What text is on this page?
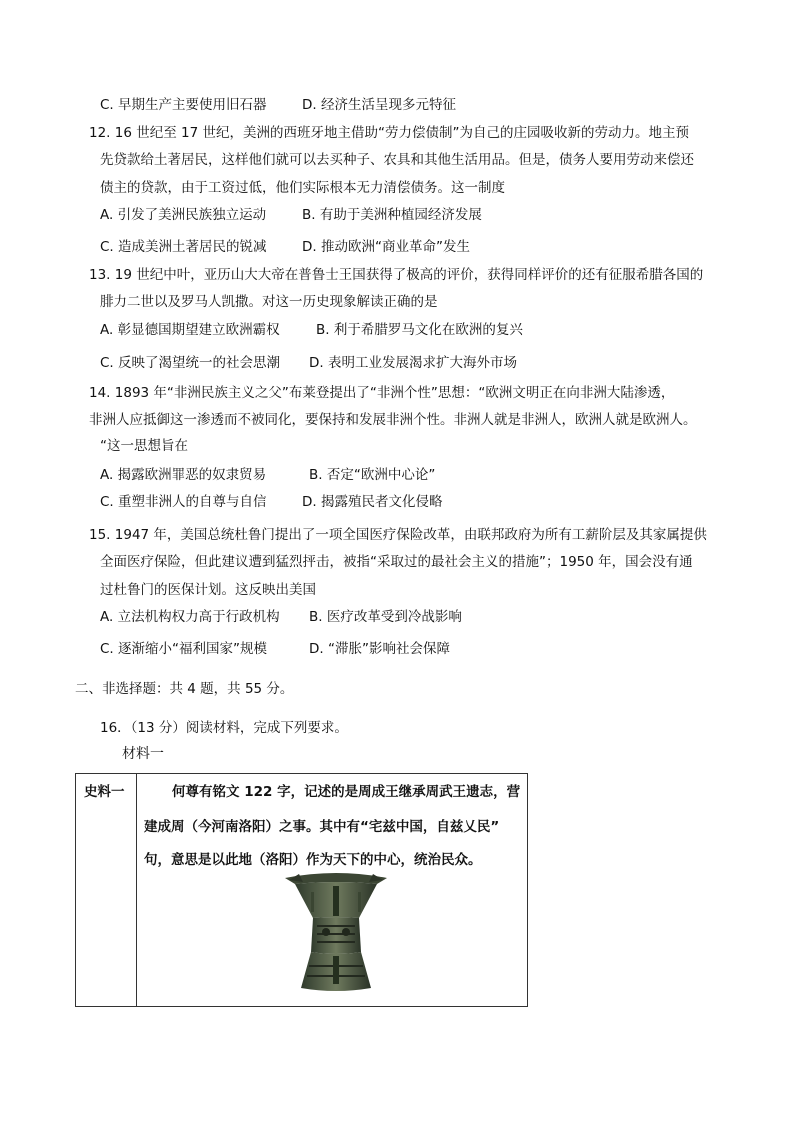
C. 早期生产主要使用旧石器	D. 经济生活呈现多元特征
12. 16 世纪至 17 世纪，美洲的西班牙地主借助“劳力偿债制”为自己的庄园吸收新的劳动力。地主预
先贷款给土著居民，这样他们就可以去买种子、农具和其他生活用品。但是，债务人要用劳动来偿还
债主的贷款，由于工资过低，他们实际根本无力清偿债务。这一制度
A. 引发了美洲民族独立运动	B. 有助于美洲种植园经济发展
C. 造成美洲土著居民的锐减	D. 推动欧洲“商业革命”发生
13. 19 世纪中叶，亚历山大大帝在普鲁士王国获得了极高的评价，获得同样评价的还有征服希腊各国的
腓力二世以及罗马人凯撒。对这一历史现象解读正确的是
A. 彰显德国期望建立欧洲霸权	B. 利于希腊罗马文化在欧洲的复兴
C. 反映了渴望统一的社会思潮 D. 表明工业发展渴求扩大海外市场
14. 1893 年“非洲民族主义之父”布莱登提出了“非洲个性”思想：“欧洲文明正在向非洲大陆渗透，
非洲人应抵御这一渗透而不被同化，要保持和发展非洲个性。非洲人就是非洲人，欧洲人就是欧洲人。
“这一思想旨在
A. 揭露欧洲罪恶的奴隶贸易	B. 否定“欧洲中心论”
C. 重塑非洲人的自尊与自信	D. 揭露殖民者文化侵略
15. 1947 年，美国总统杜鲁门提出了一项全国医疗保险改革，由联邦政府为所有工薪阶层及其家属提供
全面医疗保险，但此建议遭到猛烈抨击，被指“采取过的最社会主义的措施”；1950 年，国会没有通
过杜鲁门的医保计划。这反映出美国
A. 立法机构权力高于行政机构 B. 医疗改革受到冷战影响
C. 逐渐缩小“福利国家”规模	D. “滞胀”影响社会保障
二、非选择题：共 4 题，共 55 分。
16．（13 分）阅读材料，完成下列要求。
材料一
史料一	何尊有铭文 122 字，记述的是周成王继承周武王遗志，营
建成周（今河南洛阳）之事。其中有“宅兹中国，自兹乂民”
句，意思是以此地（洛阳）作为天下的中心，统治民众。
